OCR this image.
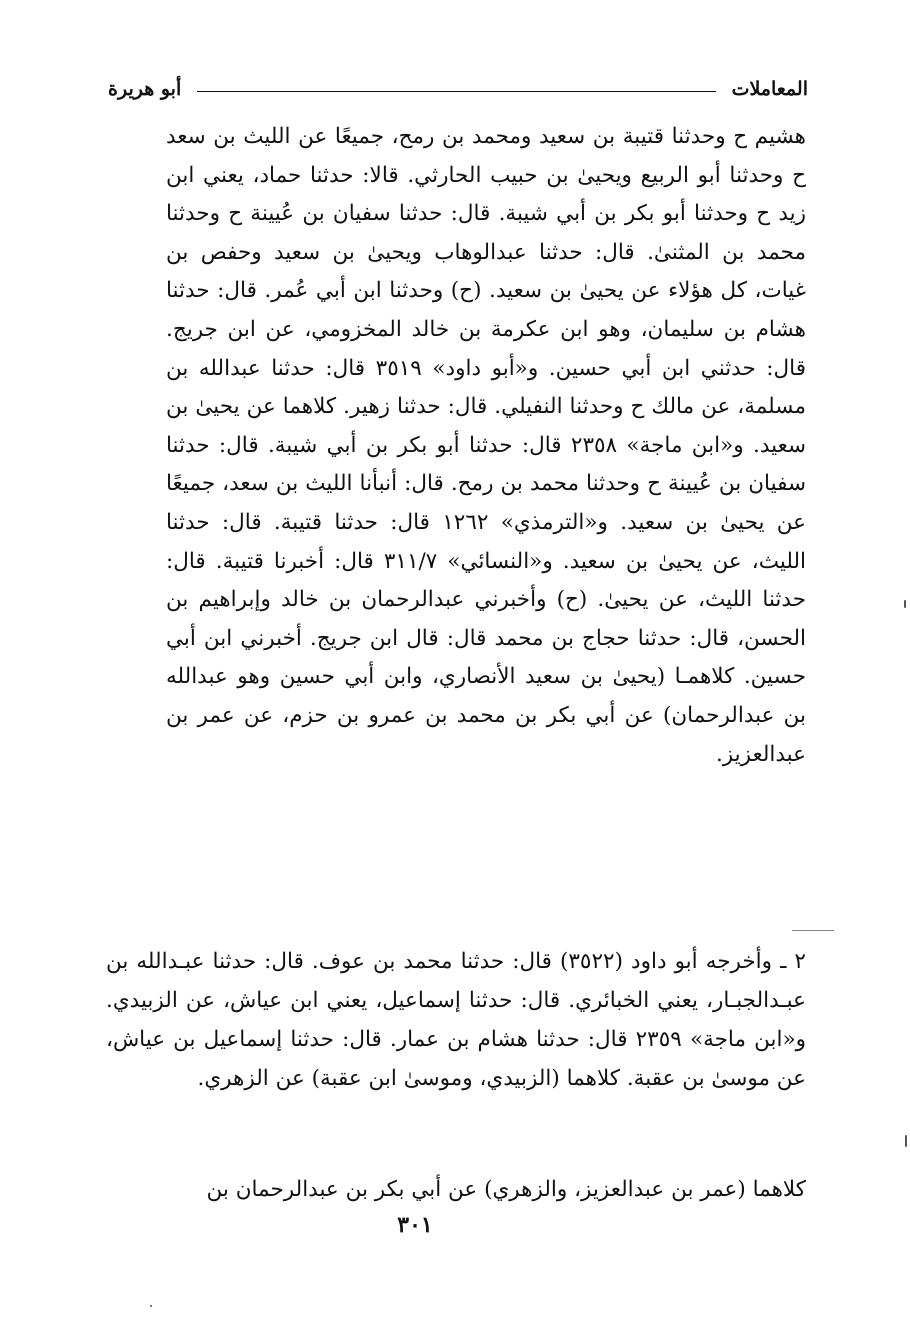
المعاملات
أبو هريرة

هشيم ح وحدثنا قتيبة بن سعيد ومحمد بن رمح، جميعًا عن الليث بن سعد ح وحدثنا أبو الربيع ويحيىٰ بن حبيب الحارثي. قالا: حدثنا حماد، يعني ابن زيد ح وحدثنا أبو بكر بن أبي شيبة. قال: حدثنا سفيان بن عُيينة ح وحدثنا محمد بن المثنىٰ. قال: حدثنا عبدالوهاب ويحيىٰ بن سعيد وحفص بن غيات، كل هؤلاء عن يحيىٰ بن سعيد. (ح) وحدثنا ابن أبي عُمر. قال: حدثنا هشام بن سليمان، وهو ابن عكرمة بن خالد المخزومي، عن ابن جريج. قال: حدثني ابن أبي حسين. و«أبو داود» ٣٥١٩ قال: حدثنا عبدالله بن مسلمة، عن مالك ح وحدثنا النفيلي. قال: حدثنا زهير. كلاهما عن يحيىٰ بن سعيد. و«ابن ماجة» ٢٣٥٨ قال: حدثنا أبو بكر بن أبي شيبة. قال: حدثنا سفيان بن عُيينة ح وحدثنا محمد بن رمح. قال: أنبأنا الليث بن سعد، جميعًا عن يحيىٰ بن سعيد. و«الترمذي» ١٢٦٢ قال: حدثنا قتيبة. قال: حدثنا الليث، عن يحيىٰ بن سعيد. و«النسائي» ٣١١/٧ قال: أخبرنا قتيبة. قال: حدثنا الليث، عن يحيىٰ. (ح) وأخبرني عبدالرحمان بن خالد وإبراهيم بن الحسن، قال: حدثنا حجاج بن محمد قال: قال ابن جريج. أخبرني ابن أبي حسين. كلاهمـا (يحيىٰ بن سعيد الأنصاري، وابن أبي حسين وهو عبدالله بن عبدالرحمان) عن أبي بكر بن محمد بن عمرو بن حزم، عن عمر بن عبدالعزيز.

٢ ـ وأخرجه أبو داود (٣٥٢٢) قال: حدثنا محمد بن عوف. قال: حدثنا عبـدالله بن عبـدالجبـار، يعني الخبائري. قال: حدثنا إسماعيل، يعني ابن عياش، عن الزبيدي. و«ابن ماجة» ٢٣٥٩ قال: حدثنا هشام بن عمار. قال: حدثنا إسماعيل بن عياش، عن موسىٰ بن عقبة. كلاهما (الزبيدي، وموسىٰ ابن عقبة) عن الزهري.

كلاهما (عمر بن عبدالعزيز، والزهري) عن أبي بكر بن عبدالرحمان بن
٣٠١
